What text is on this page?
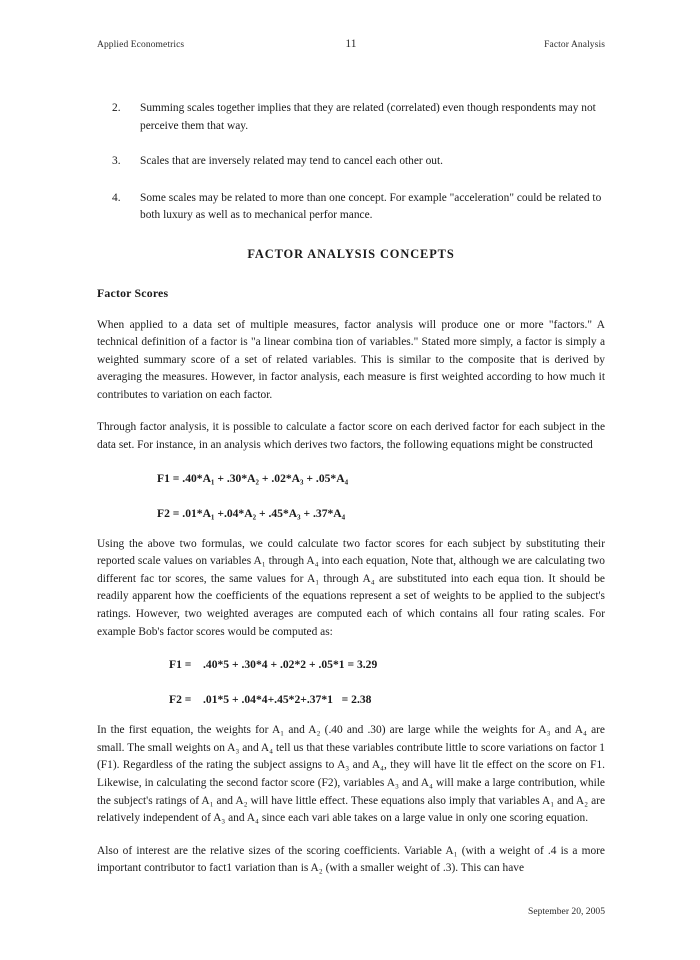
Applied Econometrics	11	Factor Analysis
2. Summing scales together implies that they are related (correlated) even though respondents may not perceive them that way.
3. Scales that are inversely related may tend to cancel each other out.
4. Some scales may be related to more than one concept. For example "acceleration" could be related to both luxury as well as to mechanical perfor mance.
FACTOR ANALYSIS CONCEPTS
Factor Scores

When applied to a data set of multiple measures, factor analysis will produce one or more "factors." A technical definition of a factor is "a linear combina tion of variables." Stated more simply, a factor is simply a weighted summary score of a set of related variables. This is similar to the composite that is derived by averaging the measures. However, in factor analysis, each measure is first weighted according to how much it contributes to variation on each factor.

Through factor analysis, it is possible to calculate a factor score on each derived factor for each subject in the data set. For instance, in an analysis which derives two factors, the following equations might be constructed

F1 = .40*A₁ + .30*A₂ + .02*A₃ + .05*A₄
F2 = .01*A₁ +.04*A₂ + .45*A₃ + .37*A₄

Using the above two formulas, we could calculate two factor scores for each subject by substituting their reported scale values on variables A₁ through A₄ into each equation, Note that, although we are calculating two different fac tor scores, the same values for A₁ through A₄ are substituted into each equa tion. It should be readily apparent how the coefficients of the equations represent a set of weights to be applied to the subject's ratings. However, two weighted averages are computed each of which contains all four rating scales. For example Bob's factor scores would be computed as:

F1 =    .40*5 + .30*4 + .02*2 + .05*1 = 3.29
F2 =    .01*5 + .04*4+.45*2+.37*1   = 2.38

In the first equation, the weights for A₁ and A₂ (.40 and .30) are large while the weights for A₃ and A₄ are small. The small weights on A₃ and A₄ tell us that these variables contribute little to score variations on factor 1 (F1). Regardless of the rating the subject assigns to A₃ and A₄, they will have lit tle effect on the score on F1. Likewise, in calculating the second factor score (F2), variables A₃ and A₄ will make a large contribution, while the subject's ratings of A₁ and A₂ will have little effect. These equations also imply that variables A₁ and A₂ are relatively independent of A₃ and A₄ since each vari able takes on a large value in only one scoring equation.

Also of interest are the relative sizes of the scoring coefficients. Variable A₁ (with a weight of .4 is a more important contributor to fact1 variation than is A₂ (with a smaller weight of .3). This can have

September 20, 2005
